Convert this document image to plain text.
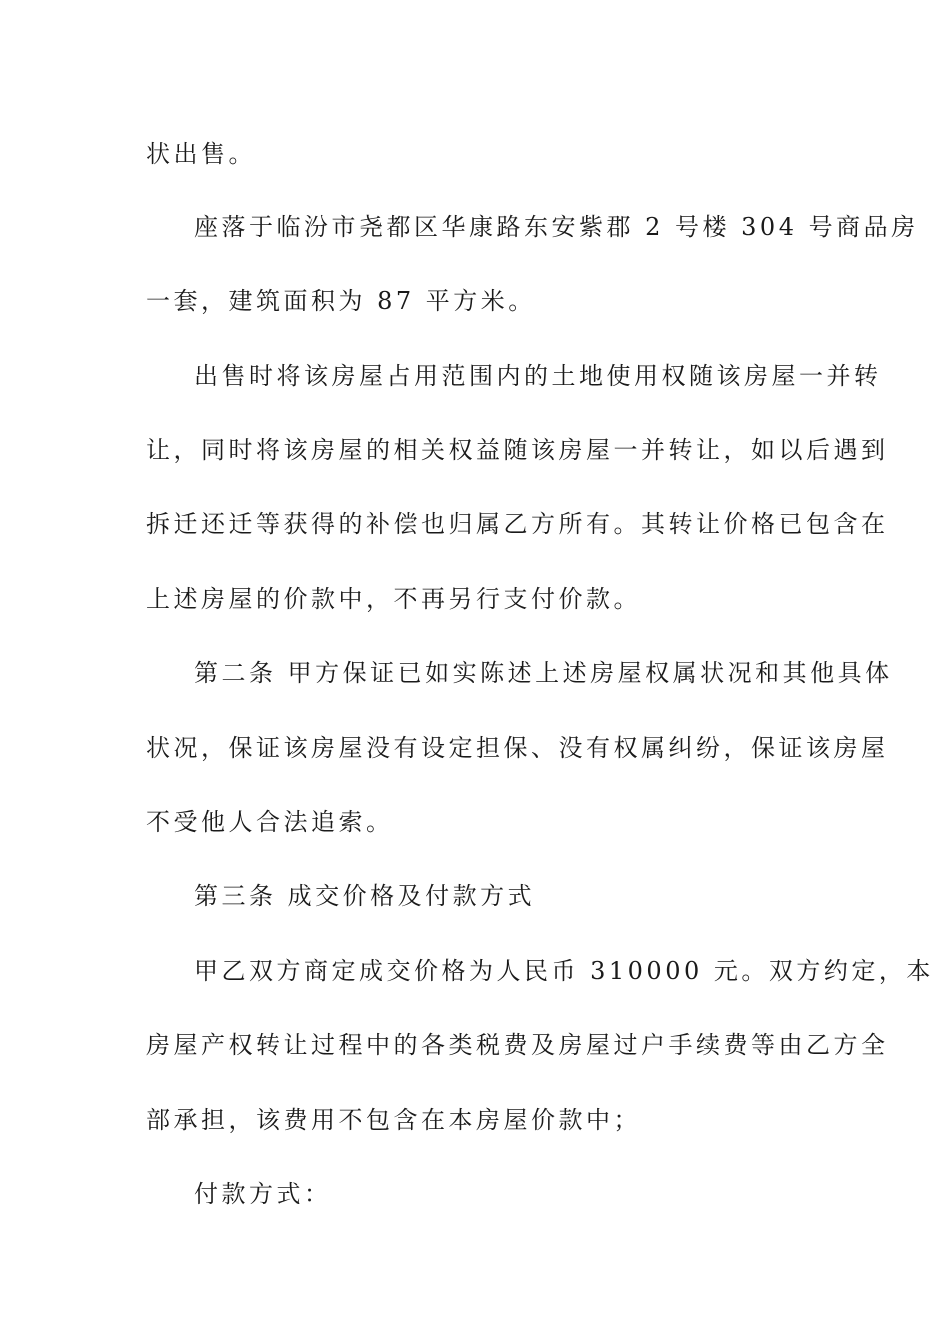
状出售。
座落于临汾市尧都区华康路东安紫郡 2 号楼 304 号商品房
一套，建筑面积为 87 平方米。
出售时将该房屋占用范围内的土地使用权随该房屋一并转
让，同时将该房屋的相关权益随该房屋一并转让，如以后遇到
拆迁还迁等获得的补偿也归属乙方所有。其转让价格已包含在
上述房屋的价款中，不再另行支付价款。
第二条 甲方保证已如实陈述上述房屋权属状况和其他具体
状况，保证该房屋没有设定担保、没有权属纠纷，保证该房屋
不受他人合法追索。
第三条 成交价格及付款方式
甲乙双方商定成交价格为人民币 310000 元。双方约定，本
房屋产权转让过程中的各类税费及房屋过户手续费等由乙方全
部承担，该费用不包含在本房屋价款中；
付款方式：
